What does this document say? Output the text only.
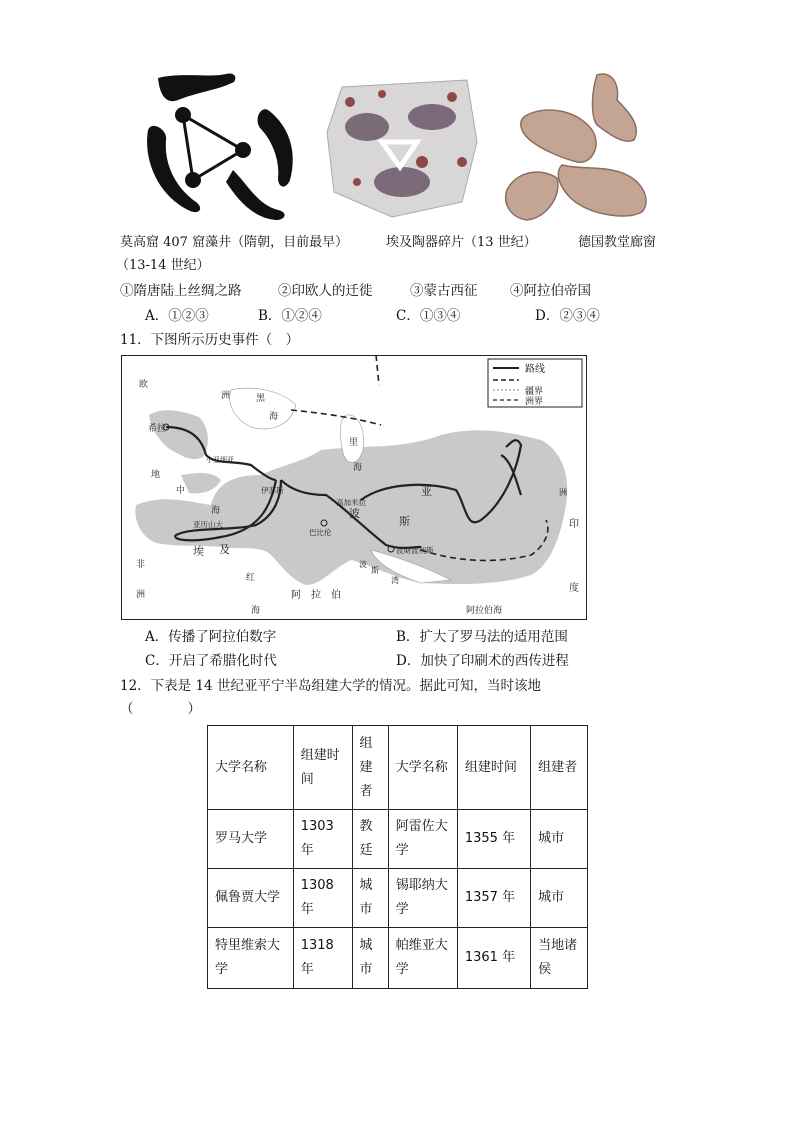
莫高窟 407 窟藻井（隋朝，目前最早）	埃及陶器碎片（13 世纪）	德国教堂廊窗
（13-14 世纪）
①隋唐陆上丝绸之路	②印欧人的迁徙	③蒙古西征 ④阿拉伯帝国
A．①②③	B．①②④	C．①③④	D．②③④
11．下图所示历史事件（　）
路线
疆界
洲界
欧
洲	黑
海
里
海
希拉
小亚细亚
伊苏斯
高加米拉
地
中
海
亚历山大
巴比伦
波
斯
亚
波斯波利斯
埃 及
波
斯
湾
红
海
非
洲	阿　拉　伯
阿拉伯海
印
度
洲
A．传播了阿拉伯数字	B．扩大了罗马法的适用范围
C．开启了希腊化时代	D．加快了印刷术的西传进程
12．下表是 14 世纪亚平宁半岛组建大学的情况。据此可知，当时该地
（　　　　）
大学名称	组建时间	组建者	大学名称	组建时间	组建者
罗马大学	1303 年	教廷	阿雷佐大学	1355 年	城市
佩鲁贾大学	1308 年	城市	锡耶纳大学	1357 年	城市
特里维索大学	1318 年	城市	帕维亚大学	1361 年	当地诸侯
